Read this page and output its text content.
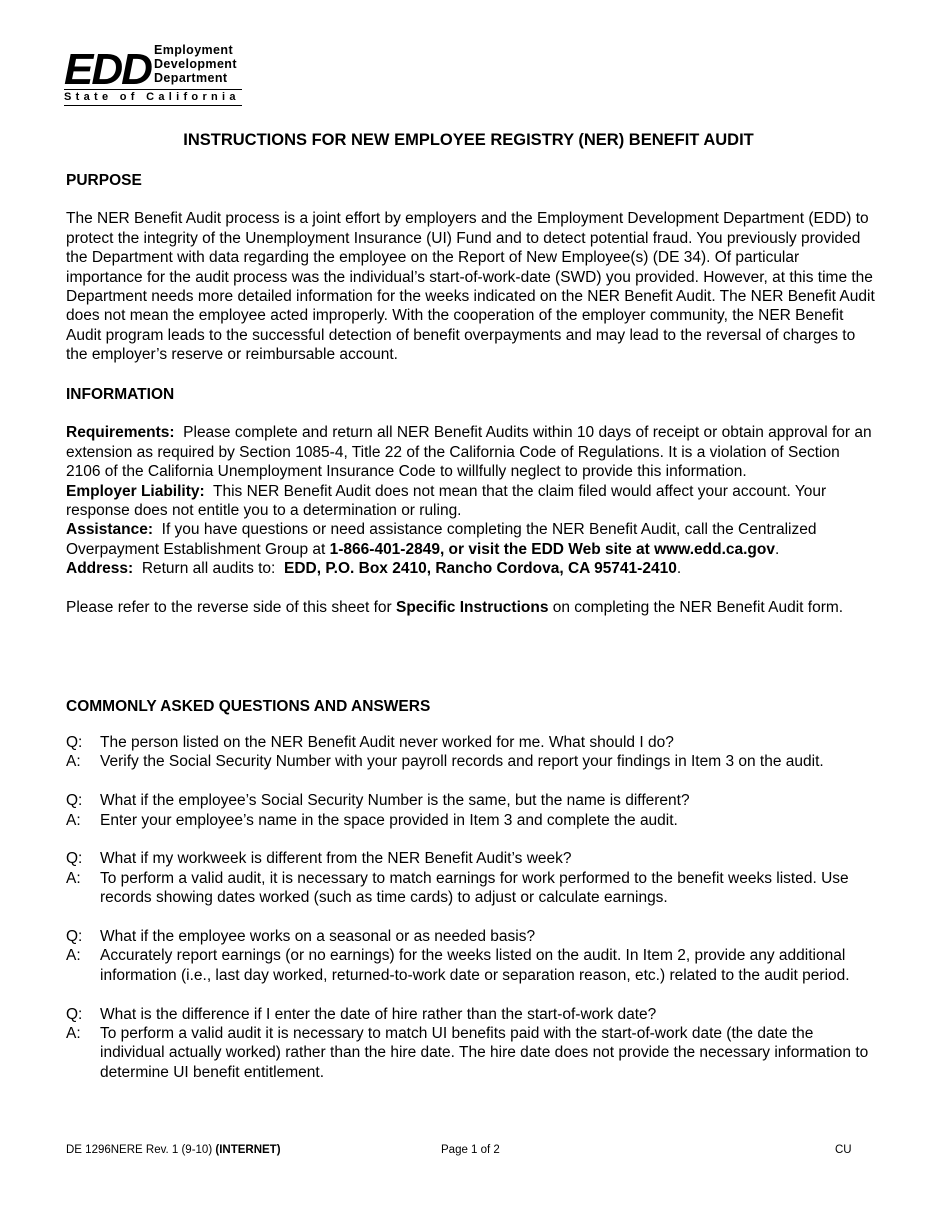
EDD Employment
Development
Department
State of California
INSTRUCTIONS FOR NEW EMPLOYEE REGISTRY (NER) BENEFIT AUDIT
PURPOSE
The NER Benefit Audit process is a joint effort by employers and the Employment Development Department (EDD) to protect the integrity of the Unemployment Insurance (UI) Fund and to detect potential fraud. You previously provided the Department with data regarding the employee on the Report of New Employee(s) (DE 34). Of particular importance for the audit process was the individual’s start-of-work-date (SWD) you provided. However, at this time the Department needs more detailed information for the weeks indicated on the NER Benefit Audit. The NER Benefit Audit does not mean the employee acted improperly. With the cooperation of the employer community, the NER Benefit Audit program leads to the successful detection of benefit overpayments and may lead to the reversal of charges to the employer’s reserve or reimbursable account.
INFORMATION
Requirements: Please complete and return all NER Benefit Audits within 10 days of receipt or obtain approval for an extension as required by Section 1085-4, Title 22 of the California Code of Regulations. It is a violation of Section 2106 of the California Unemployment Insurance Code to willfully neglect to provide this information.
Employer Liability: This NER Benefit Audit does not mean that the claim filed would affect your account. Your response does not entitle you to a determination or ruling.
Assistance: If you have questions or need assistance completing the NER Benefit Audit, call the Centralized Overpayment Establishment Group at 1-866-401-2849, or visit the EDD Web site at www.edd.ca.gov.
Address: Return all audits to: EDD, P.O. Box 2410, Rancho Cordova, CA 95741-2410.
Please refer to the reverse side of this sheet for Specific Instructions on completing the NER Benefit Audit form.
COMMONLY ASKED QUESTIONS AND ANSWERS
Q:	The person listed on the NER Benefit Audit never worked for me. What should I do?
A:	Verify the Social Security Number with your payroll records and report your findings in Item 3 on the audit.
Q:	What if the employee’s Social Security Number is the same, but the name is different?
A:	Enter your employee’s name in the space provided in Item 3 and complete the audit.
Q:	What if my workweek is different from the NER Benefit Audit’s week?
A:	To perform a valid audit, it is necessary to match earnings for work performed to the benefit weeks listed. Use records showing dates worked (such as time cards) to adjust or calculate earnings.
Q:	What if the employee works on a seasonal or as needed basis?
A:	Accurately report earnings (or no earnings) for the weeks listed on the audit. In Item 2, provide any additional information (i.e., last day worked, returned-to-work date or separation reason, etc.) related to the audit period.
Q:	What is the difference if I enter the date of hire rather than the start-of-work date?
A:	To perform a valid audit it is necessary to match UI benefits paid with the start-of-work date (the date the individual actually worked) rather than the hire date. The hire date does not provide the necessary information to determine UI benefit entitlement.
DE 1296NERE Rev. 1 (9-10) (INTERNET)	Page 1 of 2	CU
